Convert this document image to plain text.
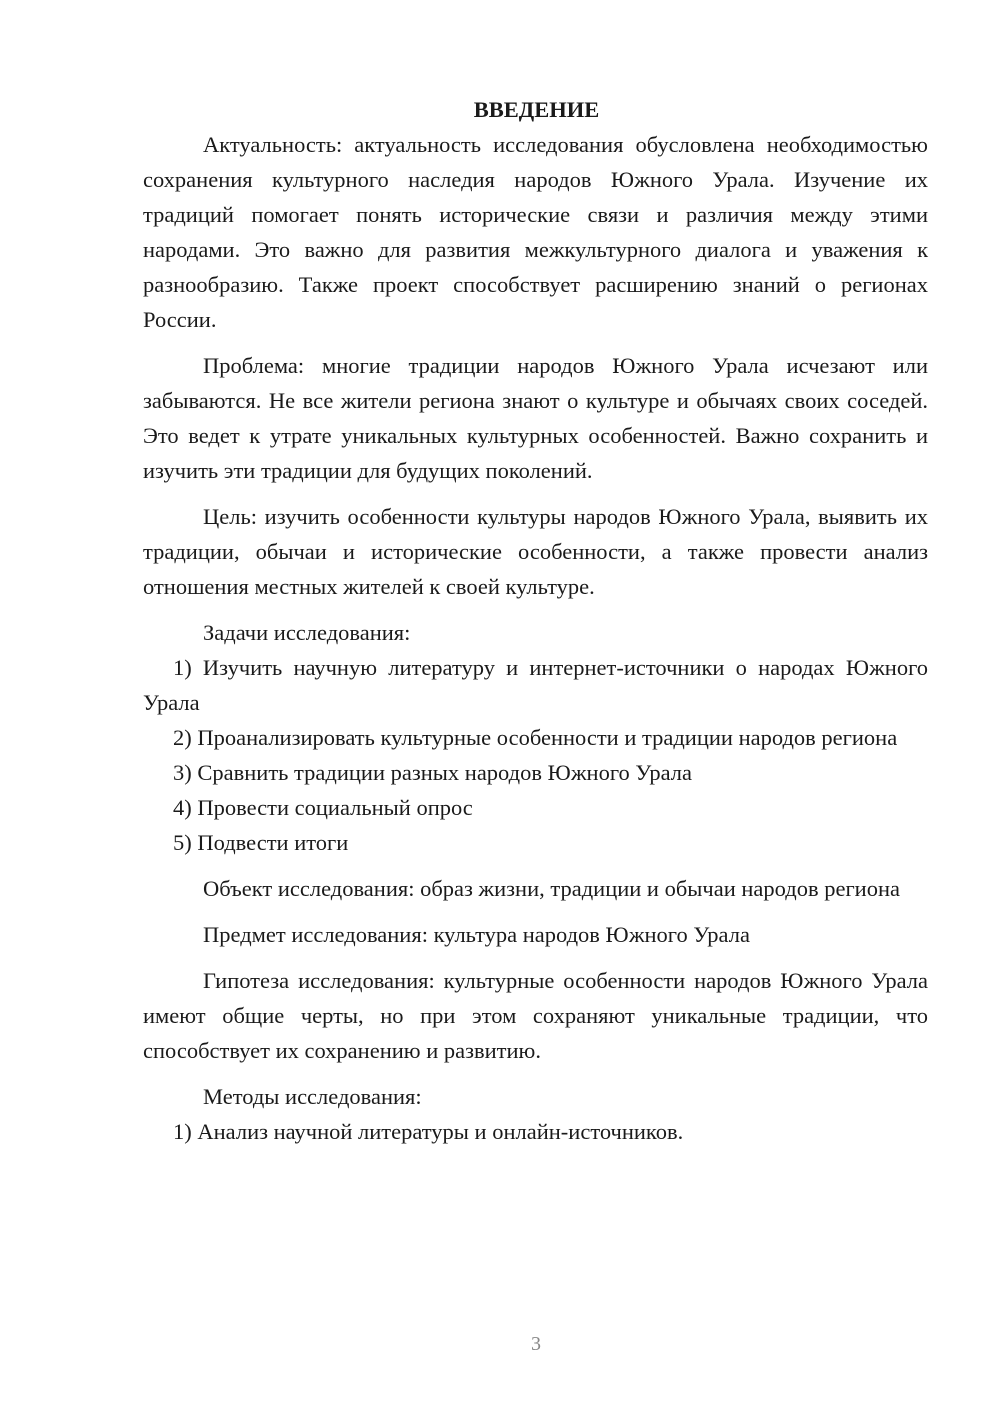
ВВЕДЕНИЕ

Актуальность: актуальность исследования обусловлена необходимостью сохранения культурного наследия народов Южного Урала. Изучение их традиций помогает понять исторические связи и различия между этими народами. Это важно для развития межкультурного диалога и уважения к разнообразию. Также проект способствует расширению знаний о регионах России.

Проблема: многие традиции народов Южного Урала исчезают или забываются. Не все жители региона знают о культуре и обычаях своих соседей. Это ведет к утрате уникальных культурных особенностей. Важно сохранить и изучить эти традиции для будущих поколений.

Цель: изучить особенности культуры народов Южного Урала, выявить их традиции, обычаи и исторические особенности, а также провести анализ отношения местных жителей к своей культуре.

Задачи исследования:

1) Изучить научную литературу и интернет-источники о народах Южного Урала

2) Проанализировать культурные особенности и традиции народов региона

3) Сравнить традиции разных народов Южного Урала

4) Провести социальный опрос

5) Подвести итоги

Объект исследования: образ жизни, традиции и обычаи народов региона

Предмет исследования: культура народов Южного Урала

Гипотеза исследования: культурные особенности народов Южного Урала имеют общие черты, но при этом сохраняют уникальные традиции, что способствует их сохранению и развитию.

Методы исследования:

1) Анализ научной литературы и онлайн-источников.

3
